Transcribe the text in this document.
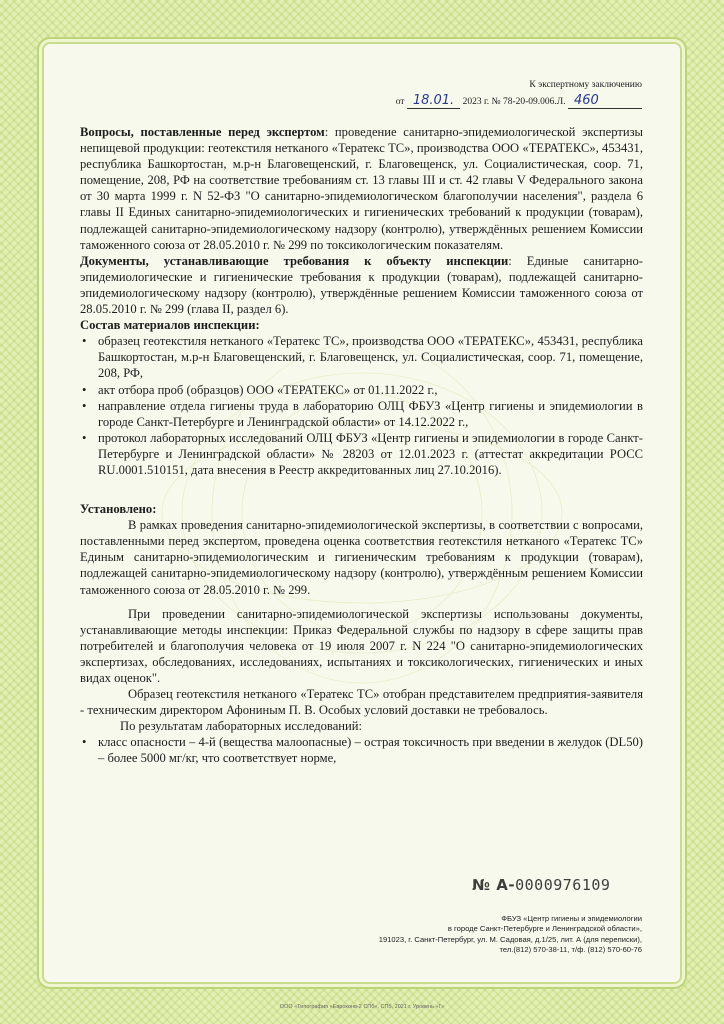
К экспертному заключению
от 18.01. 2023 г. № 78-20-09.006.Л. 460

Вопросы, поставленные перед экспертом: проведение санитарно-эпидемиологической экспертизы непищевой продукции: геотекстиля нетканого «Тератекс ТС», производства ООО «ТЕРАТЕКС», 453431, республика Башкортостан, м.р-н Благовещенский, г. Благовещенск, ул. Социалистическая, соор. 71, помещение, 208, РФ на соответствие требованиям ст. 13 главы III и ст. 42 главы V Федерального закона от 30 марта 1999 г. N 52-ФЗ "О санитарно-эпидемиологическом благополучии населения", раздела 6 главы II Единых санитарно-эпидемиологических и гигиенических требований к продукции (товарам), подлежащей санитарно-эпидемиологическому надзору (контролю), утверждённых решением Комиссии таможенного союза от 28.05.2010 г. № 299 по токсикологическим показателям.

Документы, устанавливающие требования к объекту инспекции: Единые санитарно-эпидемиологические и гигиенические требования к продукции (товарам), подлежащей санитарно-эпидемиологическому надзору (контролю), утверждённые решением Комиссии таможенного союза от 28.05.2010 г. № 299 (глава II, раздел 6).

Состав материалов инспекции:

• образец геотекстиля нетканого «Тератекс ТС», производства ООО «ТЕРАТЕКС», 453431, республика Башкортостан, м.р-н Благовещенский, г. Благовещенск, ул. Социалистическая, соор. 71, помещение, 208, РФ,
• акт отбора проб (образцов) ООО «ТЕРАТЕКС» от 01.11.2022 г.,
• направление отдела гигиены труда в лабораторию ОЛЦ ФБУЗ «Центр гигиены и эпидемиологии в городе Санкт-Петербурге и Ленинградской области» от 14.12.2022 г.,
• протокол лабораторных исследований ОЛЦ ФБУЗ «Центр гигиены и эпидемиологии в городе Санкт-Петербурге и Ленинградской области» № 28203 от 12.01.2023 г. (аттестат аккредитации РОСС RU.0001.510151, дата внесения в Реестр аккредитованных лиц 27.10.2016).

Установлено:

В рамках проведения санитарно-эпидемиологической экспертизы, в соответствии с вопросами, поставленными перед экспертом, проведена оценка соответствия геотекстиля нетканого «Тератекс ТС» Единым санитарно-эпидемиологическим и гигиеническим требованиям к продукции (товарам), подлежащей санитарно-эпидемиологическому надзору (контролю), утверждённым решением Комиссии таможенного союза от 28.05.2010 г. № 299.

При проведении санитарно-эпидемиологической экспертизы использованы документы, устанавливающие методы инспекции: Приказ Федеральной службы по надзору в сфере защиты прав потребителей и благополучия человека от 19 июля 2007 г. N 224 "О санитарно-эпидемиологических экспертизах, обследованиях, исследованиях, испытаниях и токсикологических, гигиенических и иных видах оценок".

Образец геотекстиля нетканого «Тератекс ТС» отобран представителем предприятия-заявителя - техническим директором Афониным П. В. Особых условий доставки не требовалось.

По результатам лабораторных исследований:

• класс опасности – 4-й (вещества малоопасные) – острая токсичность при введении в желудок (DL50) – более 5000 мг/кг, что соответствует норме,
№ А-0000976109
ФБУЗ «Центр гигиены и эпидемиологии
в городе Санкт-Петербурге и Ленинградской области»,
191023, г. Санкт-Петербург, ул. М. Садовая, д.1/25, лит. А (для переписки),
тел.(812) 570-38-11, т/ф. (812) 570-60-76
ООО «Типография «Евроконв-2 СПб», СПб, 2021 г. Уровень «Г»
